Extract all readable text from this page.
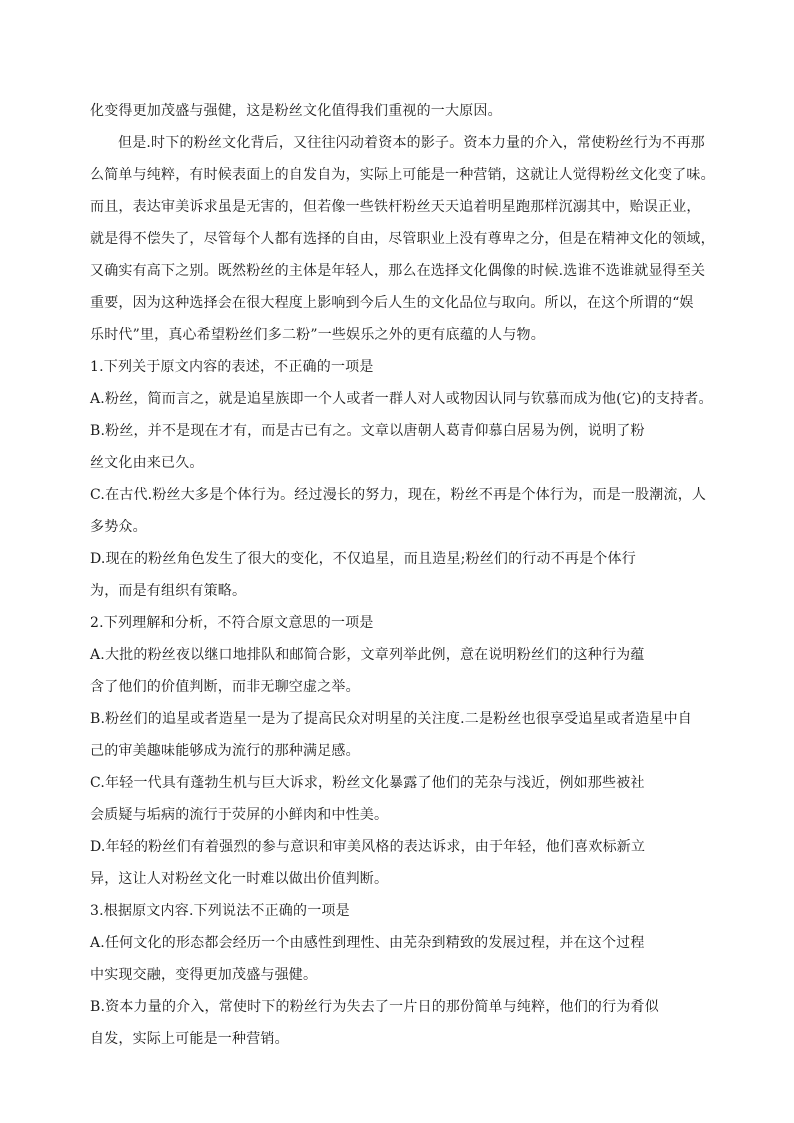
化变得更加茂盛与强健，这是粉丝文化值得我们重视的一大原因。
但是.时下的粉丝文化背后，又往往闪动着资本的影子。资本力量的介入，常使粉丝行为不再那
么简单与纯粹，有时候表面上的自发自为，实际上可能是一种营销，这就让人觉得粉丝文化变了味。
而且，表达审美诉求虽是无害的，但若像一些铁杆粉丝天天追着明星跑那样沉溺其中，贻误正业，
就是得不偿失了，尽管每个人都有选择的自由，尽管职业上没有尊卑之分，但是在精神文化的领域，
又确实有高下之别。既然粉丝的主体是年轻人，那么在选择文化偶像的时候.选谁不选谁就显得至关
重要，因为这种选择会在很大程度上影响到今后人生的文化品位与取向。所以，在这个所谓的“娱
乐时代”里，真心希望粉丝们多二粉”一些娱乐之外的更有底蕴的人与物。
1.下列关于原文内容的表述，不正确的一项是
A.粉丝，简而言之，就是追星族即一个人或者一群人对人或物因认同与钦慕而成为他(它)的支持者。
B.粉丝，并不是现在才有，而是古已有之。文章以唐朝人葛青仰慕白居易为例，说明了粉
丝文化由来已久。
C.在古代.粉丝大多是个体行为。经过漫长的努力，现在，粉丝不再是个体行为，而是一股潮流，人
多势众。
D.现在的粉丝角色发生了很大的变化，不仅追星，而且造星;粉丝们的行动不再是个体行
为，而是有组织有策略。
2.下列理解和分析，不符合原文意思的一项是
A.大批的粉丝夜以继口地排队和邮简合影，文章列举此例，意在说明粉丝们的这种行为蕴
含了他们的价值判断，而非无聊空虚之举。
B.粉丝们的追星或者造星一是为了提高民众对明星的关注度.二是粉丝也很享受追星或者造星中自
己的审美趣味能够成为流行的那种满足感。
C.年轻一代具有蓬勃生机与巨大诉求，粉丝文化暴露了他们的芜杂与浅近，例如那些被社
会质疑与垢病的流行于荧屏的小鲜肉和中性美。
D.年轻的粉丝们有着强烈的参与意识和审美风格的表达诉求，由于年轻，他们喜欢标新立
异，这让人对粉丝文化一时难以做出价值判断。
3.根据原文内容.下列说法不正确的一项是
A.任何文化的形态都会经历一个由感性到理性、由芜杂到精致的发展过程，并在这个过程
中实现交融，变得更加茂盛与强健。
B.资本力量的介入，常使时下的粉丝行为失去了一片日的那份简单与纯粹，他们的行为肴似
自发，实际上可能是一种营销。
